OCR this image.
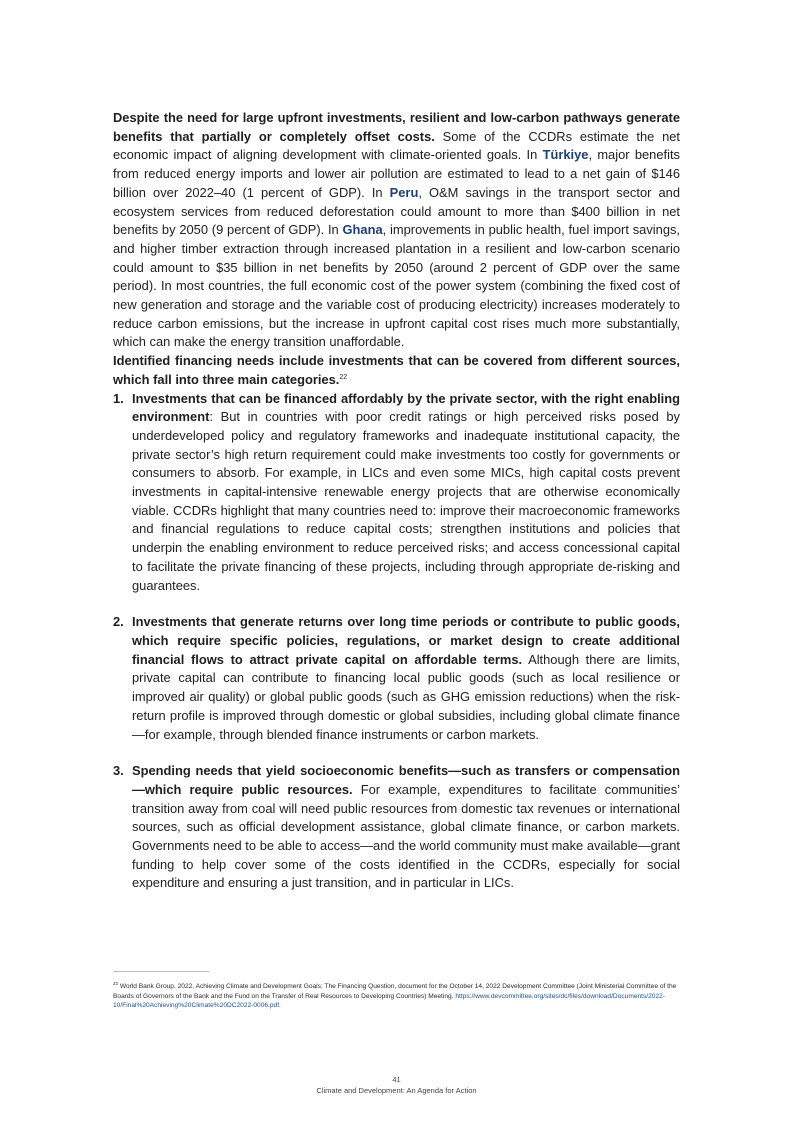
Despite the need for large upfront investments, resilient and low-carbon pathways generate benefits that partially or completely offset costs. Some of the CCDRs estimate the net economic impact of aligning development with climate-oriented goals. In Türkiye, major benefits from reduced energy imports and lower air pollution are estimated to lead to a net gain of $146 billion over 2022–40 (1 percent of GDP). In Peru, O&M savings in the transport sector and ecosystem services from reduced deforestation could amount to more than $400 billion in net benefits by 2050 (9 percent of GDP). In Ghana, improvements in public health, fuel import savings, and higher timber extraction through increased plantation in a resilient and low-carbon scenario could amount to $35 billion in net benefits by 2050 (around 2 percent of GDP over the same period). In most countries, the full economic cost of the power system (combining the fixed cost of new generation and storage and the variable cost of producing electricity) increases moderately to reduce carbon emissions, but the increase in upfront capital cost rises much more substantially, which can make the energy transition unaffordable.

Identified financing needs include investments that can be covered from different sources, which fall into three main categories.$^{22}$

1. Investments that can be financed affordably by the private sector, with the right enabling environment: But in countries with poor credit ratings or high perceived risks posed by underdeveloped policy and regulatory frameworks and inadequate institutional capacity, the private sector’s high return requirement could make investments too costly for governments or consumers to absorb. For example, in LICs and even some MICs, high capital costs prevent investments in capital-intensive renewable energy projects that are otherwise economically viable. CCDRs highlight that many countries need to: improve their macroeconomic frameworks and financial regulations to reduce capital costs; strengthen institutions and policies that underpin the enabling environment to reduce perceived risks; and access concessional capital to facilitate the private financing of these projects, including through appropriate de-risking and guarantees.

2. Investments that generate returns over long time periods or contribute to public goods, which require specific policies, regulations, or market design to create additional financial flows to attract private capital on affordable terms. Although there are limits, private capital can contribute to financing local public goods (such as local resilience or improved air quality) or global public goods (such as GHG emission reductions) when the risk-return profile is improved through domestic or global subsidies, including global climate finance—for example, through blended finance instruments or carbon markets.

3. Spending needs that yield socioeconomic benefits—such as transfers or compensation—which require public resources. For example, expenditures to facilitate communities’ transition away from coal will need public resources from domestic tax revenues or international sources, such as official development assistance, global climate finance, or carbon markets. Governments need to be able to access—and the world community must make available—grant funding to help cover some of the costs identified in the CCDRs, especially for social expenditure and ensuring a just transition, and in particular in LICs.

$^{22}$ World Bank Group. 2022. Achieving Climate and Development Goals: The Financing Question, document for the October 14, 2022 Development Committee (Joint Ministerial Committee of the Boards of Governors of the Bank and the Fund on the Transfer of Real Resources to Developing Countries) Meeting. https://www.devcommittee.org/sites/dc/files/download/Documents/2022-10/Final%20Achieving%20Climate%20DC2022-0006.pdf.
41
Climate and Development: An Agenda for Action
